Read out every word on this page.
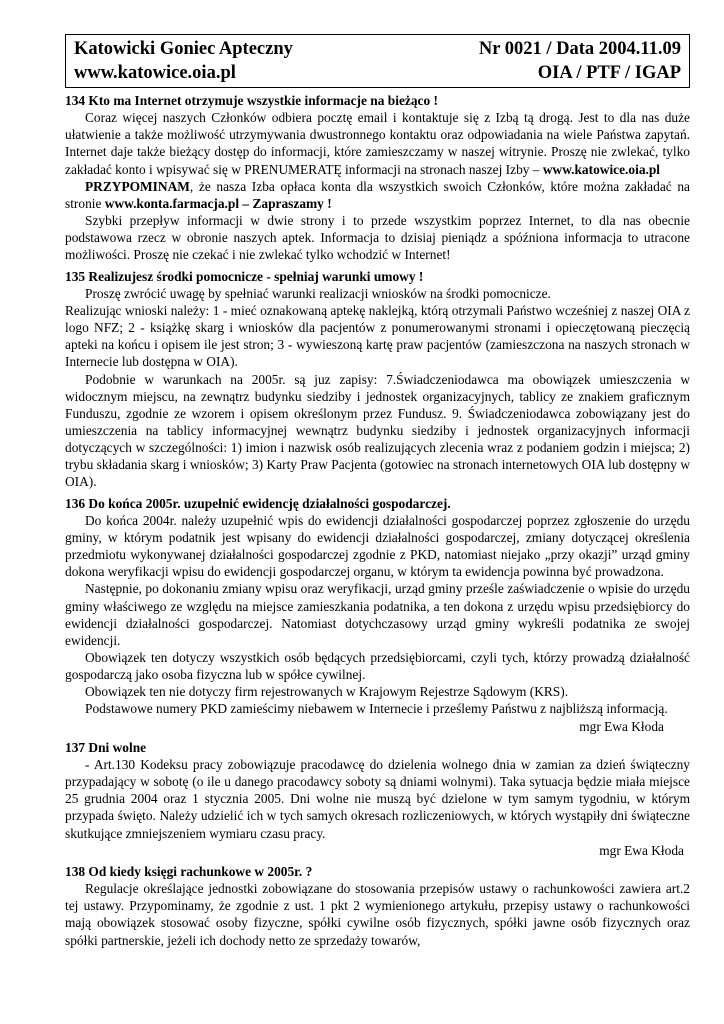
Katowicki Goniec Apteczny	Nr 0021 / Data 2004.11.09
www.katowice.oia.pl	OIA / PTF / IGAP

134 Kto ma Internet otrzymuje wszystkie informacje na bieżąco !

Coraz więcej naszych Członków odbiera pocztę email i kontaktuje się z Izbą tą drogą. Jest to dla nas duże ułatwienie a także możliwość utrzymywania dwustronnego kontaktu oraz odpowiadania na wiele Państwa zapytań. Internet daje także bieżący dostęp do informacji, które zamieszczamy w naszej witrynie. Proszę nie zwlekać, tylko zakładać konto i wpisywać się w PRENUMERATĘ informacji na stronach naszej Izby – www.katowice.oia.pl

PRZYPOMINAM, że nasza Izba opłaca konta dla wszystkich swoich Członków, które można zakładać na stronie www.konta.farmacja.pl – Zapraszamy !

Szybki przepływ informacji w dwie strony i to przede wszystkim poprzez Internet, to dla nas obecnie podstawowa rzecz w obronie naszych aptek. Informacja to dzisiaj pieniądz a spóźniona informacja to utracone możliwości. Proszę nie czekać i nie zwlekać tylko wchodzić w Internet!

135 Realizujesz środki pomocnicze - spełniaj warunki umowy !

Proszę zwrócić uwagę by spełniać warunki realizacji wniosków na środki pomocnicze.

Realizując wnioski należy: 1 - mieć oznakowaną aptekę naklejką, którą otrzymali Państwo wcześniej z naszej OIA z logo NFZ; 2 - książkę skarg i wniosków dla pacjentów z ponumerowanymi stronami i opieczętowaną pieczęcią apteki na końcu i opisem ile jest stron; 3 - wywieszoną kartę praw pacjentów (zamieszczona na naszych stronach w Internecie lub dostępna w OIA).

Podobnie w warunkach na 2005r. są juz zapisy: 7.Świadczeniodawca ma obowiązek umieszczenia w widocznym miejscu, na zewnątrz budynku siedziby i jednostek organizacyjnych, tablicy ze znakiem graficznym Funduszu, zgodnie ze wzorem i opisem określonym przez Fundusz. 9. Świadczeniodawca zobowiązany jest do umieszczenia na tablicy informacyjnej wewnątrz budynku siedziby i jednostek organizacyjnych informacji dotyczących w szczególności: 1) imion i nazwisk osób realizujących zlecenia wraz z podaniem godzin i miejsca; 2) trybu składania skarg i wniosków; 3) Karty Praw Pacjenta (gotowiec na stronach internetowych OIA lub dostępny w OIA).

136 Do końca 2005r. uzupełnić ewidencję działalności gospodarczej.

Do końca 2004r. należy uzupełnić wpis do ewidencji działalności gospodarczej poprzez zgłoszenie do urzędu gminy, w którym podatnik jest wpisany do ewidencji działalności gospodarczej, zmiany dotyczącej określenia przedmiotu wykonywanej działalności gospodarczej zgodnie z PKD, natomiast niejako „przy okazji” urząd gminy dokona weryfikacji wpisu do ewidencji gospodarczej organu, w którym ta ewidencja powinna być prowadzona.

Następnie, po dokonaniu zmiany wpisu oraz weryfikacji, urząd gminy prześle zaświadczenie o wpisie do urzędu gminy właściwego ze względu na miejsce zamieszkania podatnika, a ten dokona z urzędu wpisu przedsiębiorcy do ewidencji działalności gospodarczej. Natomiast dotychczasowy urząd gminy wykreśli podatnika ze swojej ewidencji.

Obowiązek ten dotyczy wszystkich osób będących przedsiębiorcami, czyli tych, którzy prowadzą działalność gospodarczą jako osoba fizyczna lub w spółce cywilnej.

Obowiązek ten nie dotyczy firm rejestrowanych w Krajowym Rejestrze Sądowym (KRS).

Podstawowe numery PKD zamieścimy niebawem w Internecie i prześlemy Państwu z najbliższą informacją.

mgr Ewa Kłoda

137 Dni wolne

- Art.130 Kodeksu pracy zobowiązuje pracodawcę do dzielenia wolnego dnia w zamian za dzień świąteczny przypadający w sobotę (o ile u danego pracodawcy soboty są dniami wolnymi). Taka sytuacja będzie miała miejsce 25 grudnia 2004 oraz 1 stycznia 2005. Dni wolne nie muszą być dzielone w tym samym tygodniu, w którym przypada święto. Należy udzielić ich w tych samych okresach rozliczeniowych, w których wystąpiły dni świąteczne skutkujące zmniejszeniem wymiaru czasu pracy.

mgr Ewa Kłoda

138 Od kiedy księgi rachunkowe w 2005r. ?

Regulacje określające jednostki zobowiązane do stosowania przepisów ustawy o rachunkowości zawiera art.2 tej ustawy. Przypominamy, że zgodnie z ust. 1 pkt 2 wymienionego artykułu, przepisy ustawy o rachunkowości mają obowiązek stosować osoby fizyczne, spółki cywilne osób fizycznych, spółki jawne osób fizycznych oraz spółki partnerskie, jeżeli ich dochody netto ze sprzedaży towarów,
